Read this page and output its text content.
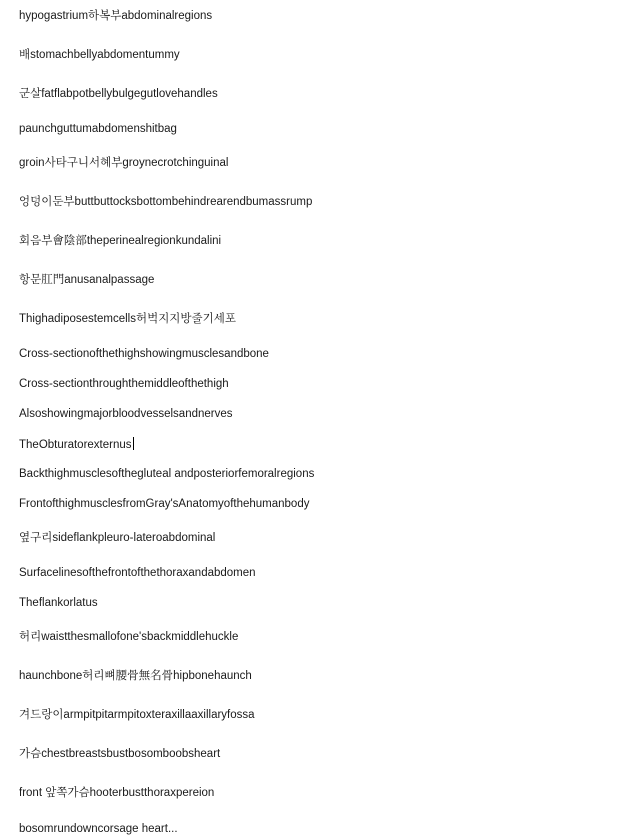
hypogastrium하복부abdominalregions
배stomachbellyabdomentummy
군살fatflabpotbellybulgegutlovehandles
paunchguttumabdomenshitbag
groin사타구니서혜부groynecrotchinguinal
엉덩이둔부buttbuttocksbottombehindrearendbumassrump
회음부會陰部theperinealregionkundalini
항문肛門anusanalpassage
Thighadiposestemcells허벅지지방줄기세포
Cross-sectionofthethighshowingmusclesandbone
Cross-sectionthroughthemiddleofthethigh
Alsoshowingmajorbloodvesselsandnerves
TheObturatorexternus
Backthighmusclesofthegluteal andposteriorfemoralregions
FrontofthighmusclesfromGray'sAnatomyofthehumanbody
옆구리sideflankpleuro-lateroabdominal
Surfacelinesofthefrontofthethoraxandabdomen
Theflankorlatus
허리waistthesmallofone'sbackmiddlehuckle
haunchbone허리뼈腰骨無名骨hipbonehaunch
겨드랑이armpitpitarmpitoxteraxillaaxillaryfossa
가슴chestbreastsbustbosomboobsheart
front 앞쪽가슴hooterbustthoraxpereion
bosomrundowncorsage heart...
